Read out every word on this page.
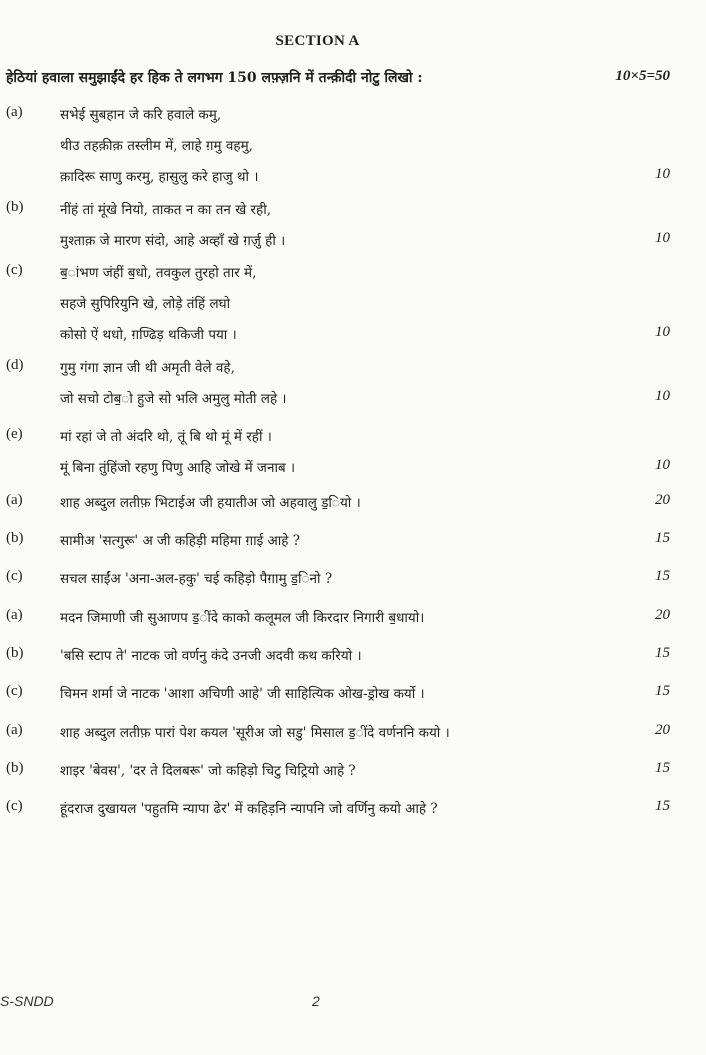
SECTION A
हेठियां हवाला समुझाईंदे हर हिक ते लगभग 150 लफ़्ज़नि में तन्क़ीदी नोटु लिखो :	10×5=50
(a)	सभेई सुबहान जे करि हवाले कमु,
थीउ तहक़ीक़ तस्लीम में, लाहे ग़मु वहमु,
क़ादिरू साणु करमु, हासुलु करे हाजु थो ।	10
(b)	नींहं तां मूंखे नियो, ताकत न का तन खे रही,
मुश्ताक़ जे मारण संदो, आहे अव्हाँ खे ग़र्ज़ु ही ।	10
(c)	ब॒ांभण जंहीं ब॒धो, तवकुल तुरहो तार में,
सहजे सुपिरियुनि खे, लोड़े तंहिं लघो
कोसो ऐं थधो, ग़ण्ढिड़ थकिजी पया ।	10
(d)	गुमु गंगा ज्ञान जी थी अमृती वेले वहे,
जो सचो टोब॒ो हुजे सो भलि अमुलु मोती लहे ।	10
(e)	मां रहां जे तो अंदरि थो, तूं बि थो मूं में रहीं ।
मूं बिना तुंहिंजो रहणु पिणु आहि जोखे में जनाब ।	10
(a)	शाह अब्दुल लतीफ़ भिटाईअ जी हयातीअ जो अहवालु ड॒ियो ।	20
(b)	सामीअ 'सत्गुरू' अ जी कहिड़ी महिमा ग़ाई आहे ?	15
(c)	सचल साईंअ 'अना-अल-हकु' चई कहिड़ो पैग़ामु ड॒िनो ?	15
(a)	मदन जिमाणी जी सुआणप ड॒ींदे काको कलूमल जी किरदार निगारी ब॒धायो।	20
(b)	'बसि स्टाप ते' नाटक जो वर्णनु कंदे उनजी अदवी कथ करियो ।	15
(c)	चिमन शर्मा जे नाटक 'आशा अचिणी आहे' जी साहित्यिक ओख-ड्रोख कर्यो ।	15
(a)	शाह अब्दुल लतीफ़ पारां पेश कयल 'सूरीअ जो सडु' मिसाल ड॒ींदे वर्णननि कयो ।	20
(b)	शाइर 'बेवस', 'दर ते दिलबरू' जो कहिड़ो चिटु चिट्रियो आहे ?	15
(c)	हूंदराज दुखायल 'पहुतमि न्यापा ढेर' में कहिड़नि न्यापनि जो वर्णिनु कयो आहे ?	15
S-SNDD	2
